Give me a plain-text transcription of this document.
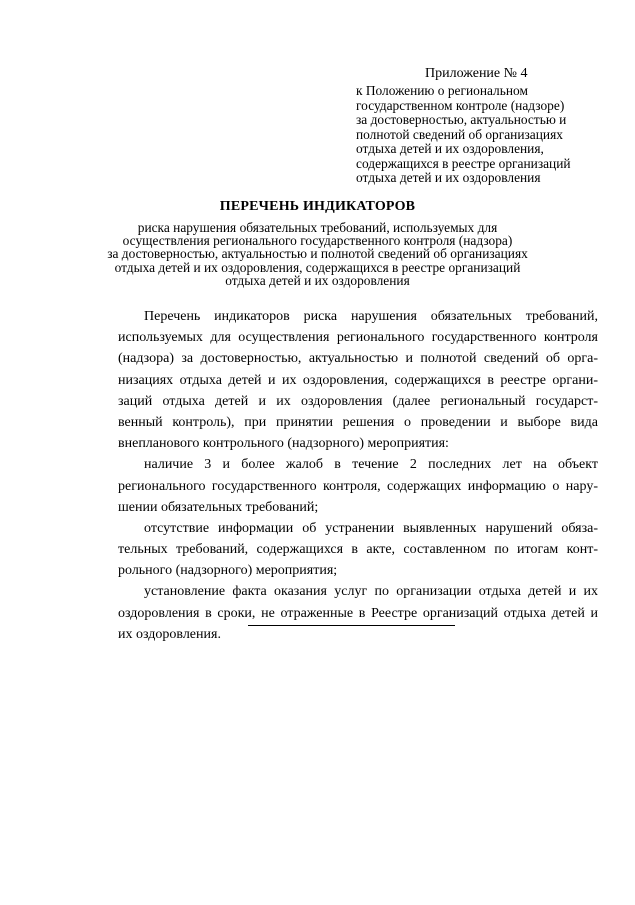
Приложение № 4
к Положению о региональном
государственном контроле (надзоре)
за достоверностью, актуальностью и
полнотой сведений об организациях
отдыха детей и их оздоровления,
содержащихся в реестре организаций
отдыха детей и их оздоровления
ПЕРЕЧЕНЬ ИНДИКАТОРОВ
риска нарушения обязательных требований, используемых для
осуществления регионального государственного контроля (надзора)
за достоверностью, актуальностью и полнотой сведений об организациях
отдыха детей и их оздоровления, содержащихся в реестре организаций
отдыха детей и их оздоровления
Перечень индикаторов риска нарушения обязательных требований,
используемых для осуществления регионального государственного контроля
(надзора) за достоверностью, актуальностью и полнотой сведений об орга-
низациях отдыха детей и их оздоровления, содержащихся в реестре органи-
заций отдыха детей и их оздоровления (далее региональный государст-
венный контроль), при принятии решения о проведении и выборе вида
внепланового контрольного (надзорного) мероприятия:
наличие 3 и более жалоб в течение 2 последних лет на объект
регионального государственного контроля, содержащих информацию о нару-
шении обязательных требований;
отсутствие информации об устранении выявленных нарушений обяза-
тельных требований, содержащихся в акте, составленном по итогам конт-
рольного (надзорного) мероприятия;
установление факта оказания услуг по организации отдыха детей и их
оздоровления в сроки, не отраженные в Реестре организаций отдыха детей и
их оздоровления.
